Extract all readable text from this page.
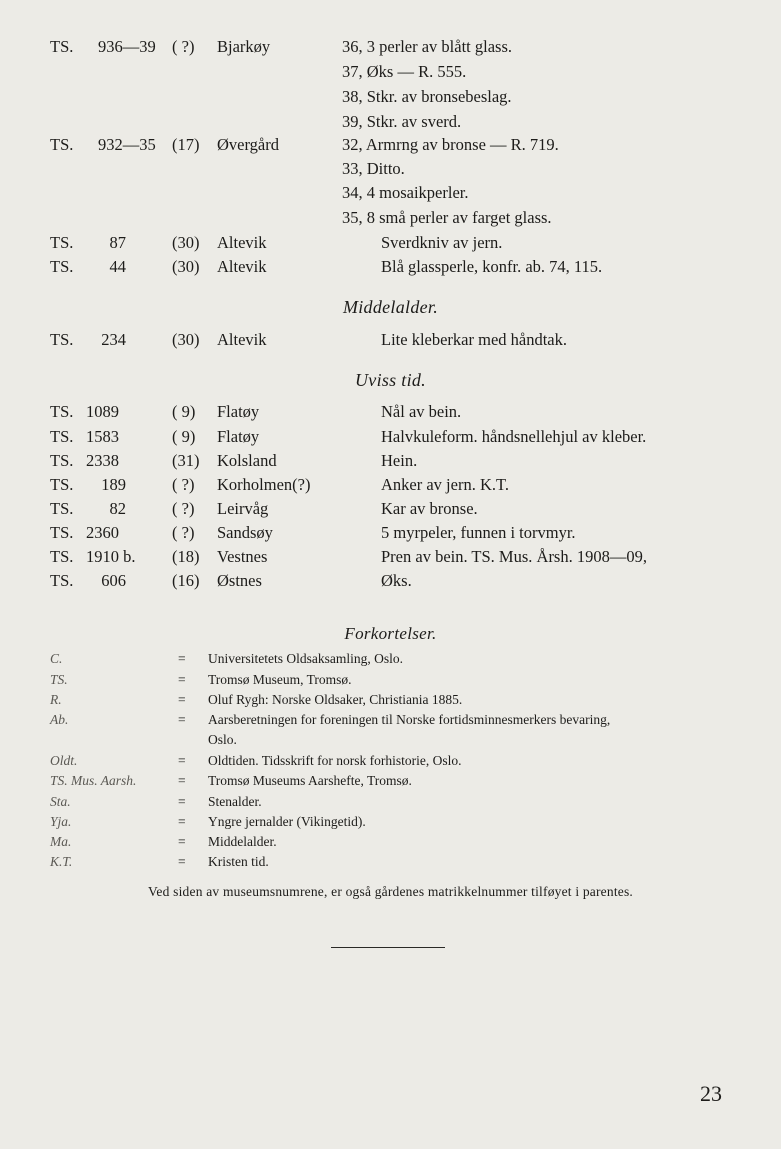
TS. 936—39 ( ?) Bjarkøy	36, 3 perler av blått glass.
37, Øks — R. 555.
38, Stkr. av bronsebeslag.
39, Stkr. av sverd.
TS. 932—35 (17) Øvergård	32, Armrng av bronse — R. 719.
33, Ditto.
34, 4 mosaikperler.
35, 8 små perler av farget glass.
TS.	87	(30) Altevik	Sverdkniv av jern.
TS.	44	(30) Altevik	Blå glassperle, konfr. ab. 74, 115.
Middelalder.
TS.	234	(30) Altevik	Lite kleberkar med håndtak.
Uviss tid.
TS. 1089	( 9) Flatøy	Nål av bein.
TS. 1583	( 9) Flatøy	Halvkuleform. håndsnellehjul av kleber.
TS. 2338	(31) Kolsland	Hein.
TS.	189	( ?) Korholmen(?)	Anker av jern. K.T.
TS.	82	( ?) Leirvåg	Kar av bronse.
TS. 2360	( ?) Sandsøy	5 myrpeler, funnen i torvmyr.
TS. 1910 b. (18) Vestnes	Pren av bein. TS. Mus. Årsh. 1908—09,
TS.	606	(16) Østnes	Øks.
Forkortelser.
C.	= Universitetets Oldsaksamling, Oslo.
TS.	= Tromsø Museum, Tromsø.
R.	= Oluf Rygh: Norske Oldsaker, Christiania 1885.
Ab.	= Aarsberetningen for foreningen til Norske fortidsminnesmerkers bevaring,
Oslo.
Oldt.	= Oldtiden. Tidsskrift for norsk forhistorie, Oslo.
TS. Mus. Aarsh.	= Tromsø Museums Aarshefte, Tromsø.
Sta.	= Stenalder.
Yja.	= Yngre jernalder (Vikingetid).
Ma.	= Middelalder.
K.T.	= Kristen tid.
Ved siden av museumsnumrene, er også gårdenes matrikkelnummer tilføyet i parentes.
23
